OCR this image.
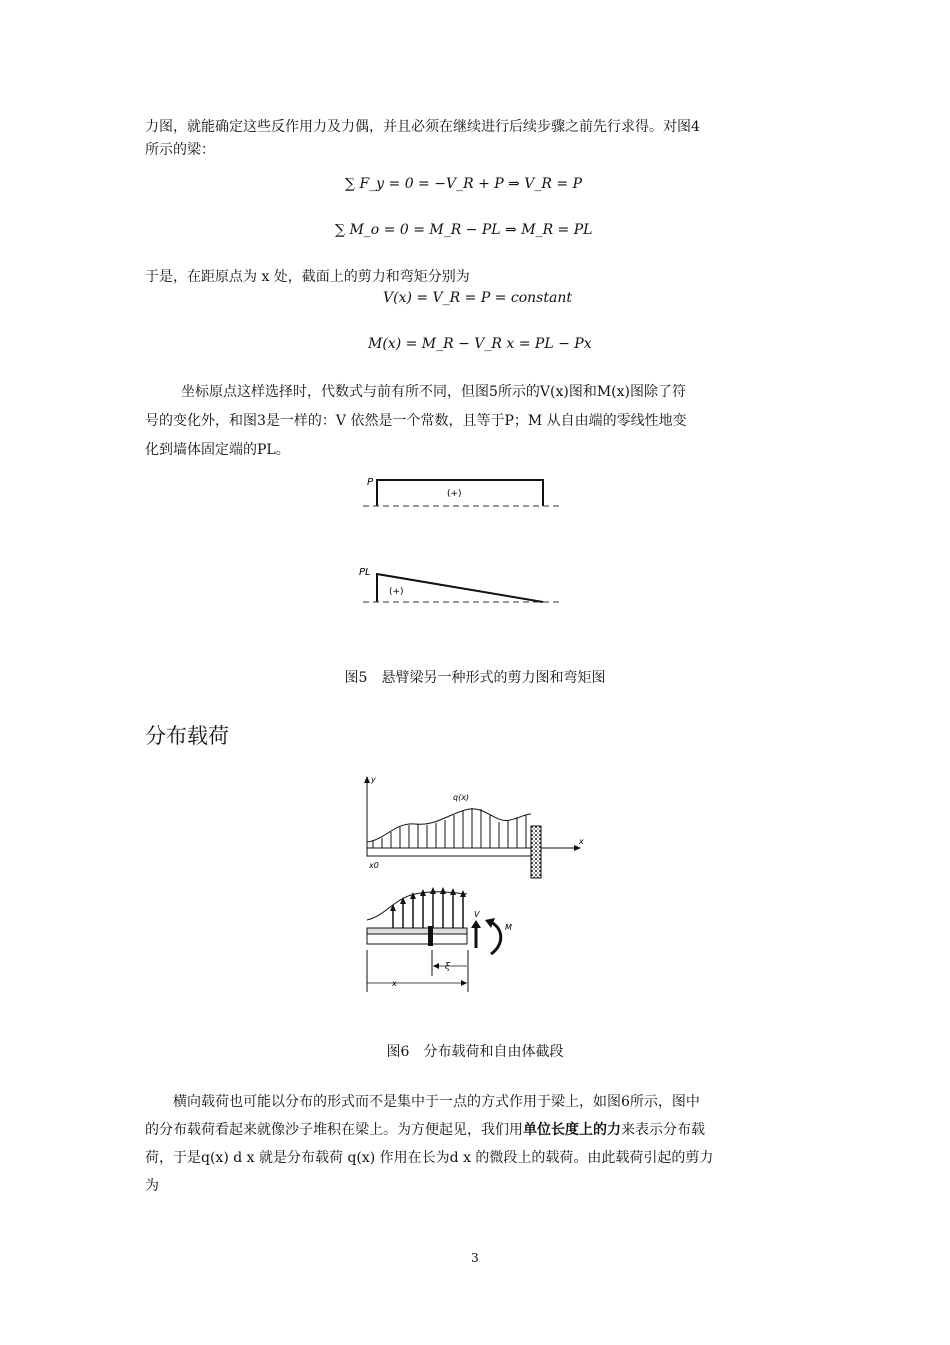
力图，就能确定这些反作用力及力偶，并且必须在继续进行后续步骤之前先行求得。对图4
所示的梁：
∑ F_y = 0 = −V_R + P ⇒ V_R = P
∑ M_o = 0 = M_R − PL ⇒ M_R = PL
于是，在距原点为 x 处，截面上的剪力和弯矩分别为
V(x) = V_R = P = constant
M(x) = M_R − V_R x = PL − Px
坐标原点这样选择时，代数式与前有所不同，但图5所示的V(x)图和M(x)图除了符
号的变化外，和图3是一样的：V 依然是一个常数，且等于P；M 从自由端的零线性地变
化到墙体固定端的PL。
P
(+)
PL
(+)
图5　悬臂梁另一种形式的剪力图和弯矩图
分布载荷
y
x
q(x)
x0
V
M
ξ
x
图6　分布载荷和自由体截段
横向载荷也可能以分布的形式而不是集中于一点的方式作用于梁上，如图6所示，图中
的分布载荷看起来就像沙子堆积在梁上。为方便起见，我们用单位长度上的力来表示分布载
荷，于是q(x) d x 就是分布载荷 q(x) 作用在长为d x 的微段上的载荷。由此载荷引起的剪力
为
3
